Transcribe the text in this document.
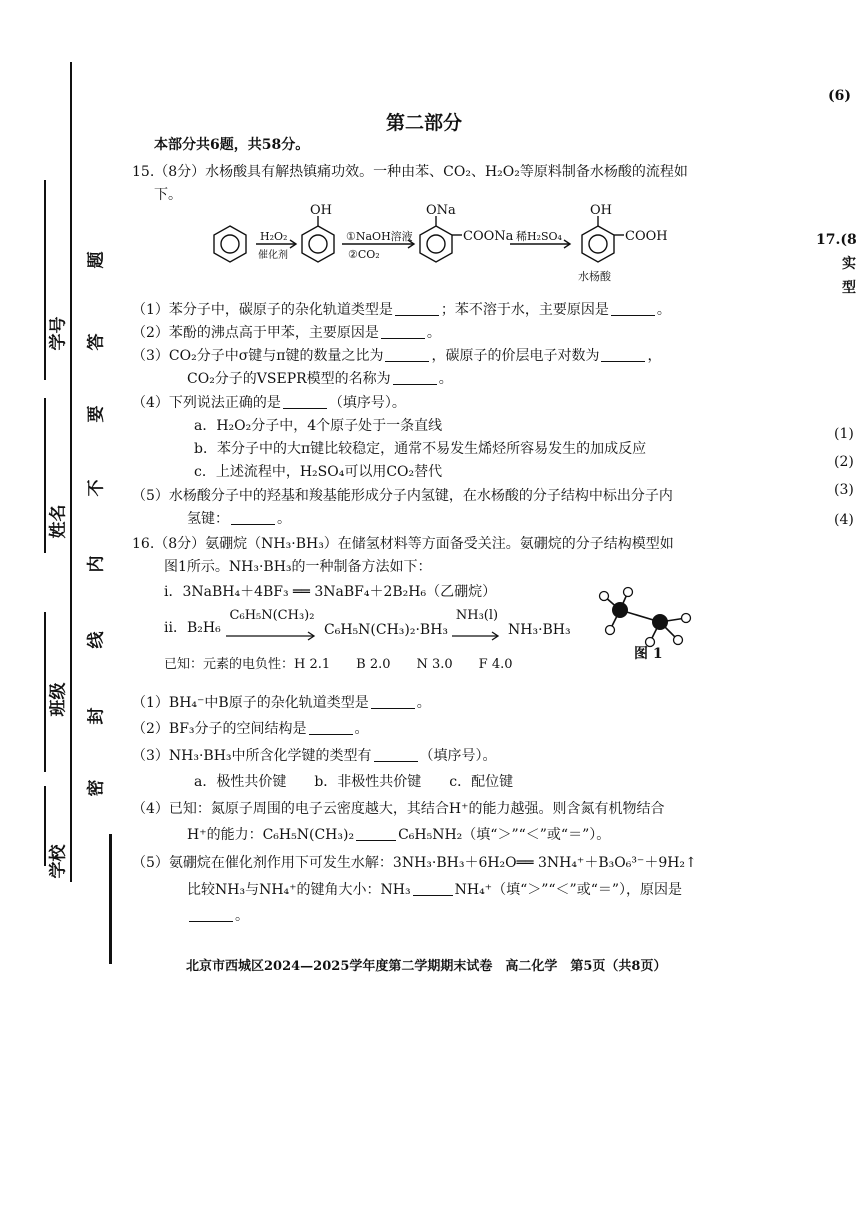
(6)
17.(8
实
型
(1)
(2)
(3)
(4)
学号
姓名
班级
学校
题
答
要
不
内
线
封
密
第二部分
本部分共6题，共58分。
15.（8分）水杨酸具有解热镇痛功效。一种由苯、CO₂、H₂O₂等原料制备水杨酸的流程如
下。
H₂O₂
催化剂
①NaOH溶液
②CO₂
稀H₂SO₄
OH	ONa
COONa
OH
COOH
水杨酸
（1）苯分子中，碳原子的杂化轨道类型是	；苯不溶于水，主要原因是	。
（2）苯酚的沸点高于甲苯，主要原因是	。
（3）CO₂分子中σ键与π键的数量之比为	，碳原子的价层电子对数为	，
CO₂分子的VSEPR模型的名称为	。
（4）下列说法正确的是	（填序号）。
a．H₂O₂分子中，4个原子处于一条直线
b．苯分子中的大π键比较稳定，通常不易发生烯烃所容易发生的加成反应
c．上述流程中，H₂SO₄可以用CO₂替代
（5）水杨酸分子中的羟基和羧基能形成分子内氢键，在水杨酸的分子结构中标出分子内
氢键：	。
16.（8分）氨硼烷（NH₃·BH₃）在储氢材料等方面备受关注。氨硼烷的分子结构模型如
图1所示。NH₃·BH₃的一种制备方法如下：
i．3NaBH₄＋4BF₃ ══ 3NaBF₄＋2B₂H₆（乙硼烷）
ii．B₂H₆
C₆H₅N(CH₃)₂
C₆H₅N(CH₃)₂·BH₃
NH₃(l)
NH₃·BH₃
已知：元素的电负性：H 2.1　　B 2.0　　N 3.0　　F 4.0
图 1
（1）BH₄⁻中B原子的杂化轨道类型是	。
（2）BF₃分子的空间结构是	。
（3）NH₃·BH₃中所含化学键的类型有	（填序号）。
a．极性共价键　　b．非极性共价键　　c．配位键
（4）已知：氮原子周围的电子云密度越大，其结合H⁺的能力越强。则含氮有机物结合
H⁺的能力：C₆H₅N(CH₃)₂	C₆H₅NH₂（填“＞”“＜”或“＝”）。
（5）氨硼烷在催化剂作用下可发生水解：3NH₃·BH₃＋6H₂O══ 3NH₄⁺＋B₃O₆³⁻＋9H₂↑
比较NH₃与NH₄⁺的键角大小：NH₃	NH₄⁺（填“＞”“＜”或“＝”），原因是
。
北京市西城区2024—2025学年度第二学期期末试卷　高二化学　第5页（共8页）
